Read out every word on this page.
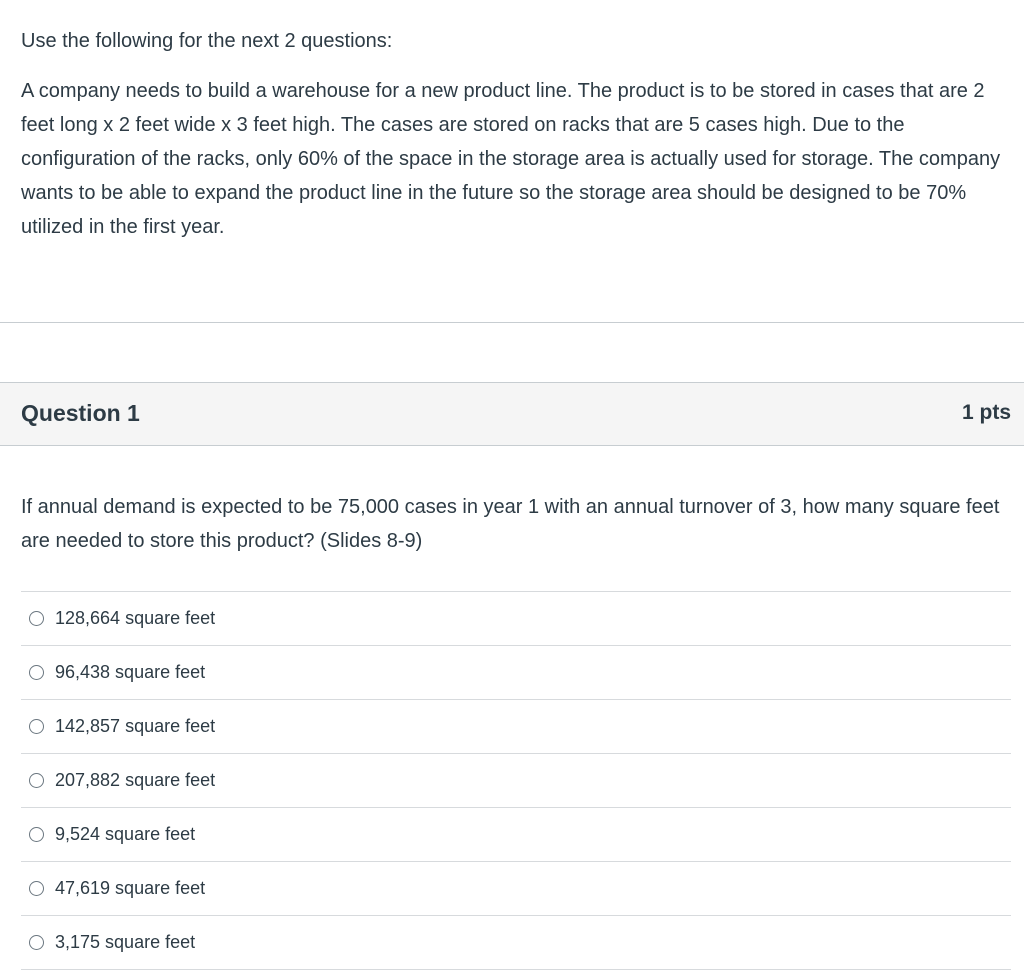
Use the following for the next 2 questions:

A company needs to build a warehouse for a new product line. The product is to be stored in cases that are 2 feet long x 2 feet wide x 3 feet high. The cases are stored on racks that are 5 cases high. Due to the configuration of the racks, only 60% of the space in the storage area is actually used for storage. The company wants to be able to expand the product line in the future so the storage area should be designed to be 70% utilized in the first year.

Question 1	1 pts

If annual demand is expected to be 75,000 cases in year 1 with an annual turnover of 3, how many square feet are needed to store this product? (Slides 8-9)

128,664 square feet
96,438 square feet
142,857 square feet
207,882 square feet
9,524 square feet
47,619 square feet
3,175 square feet
